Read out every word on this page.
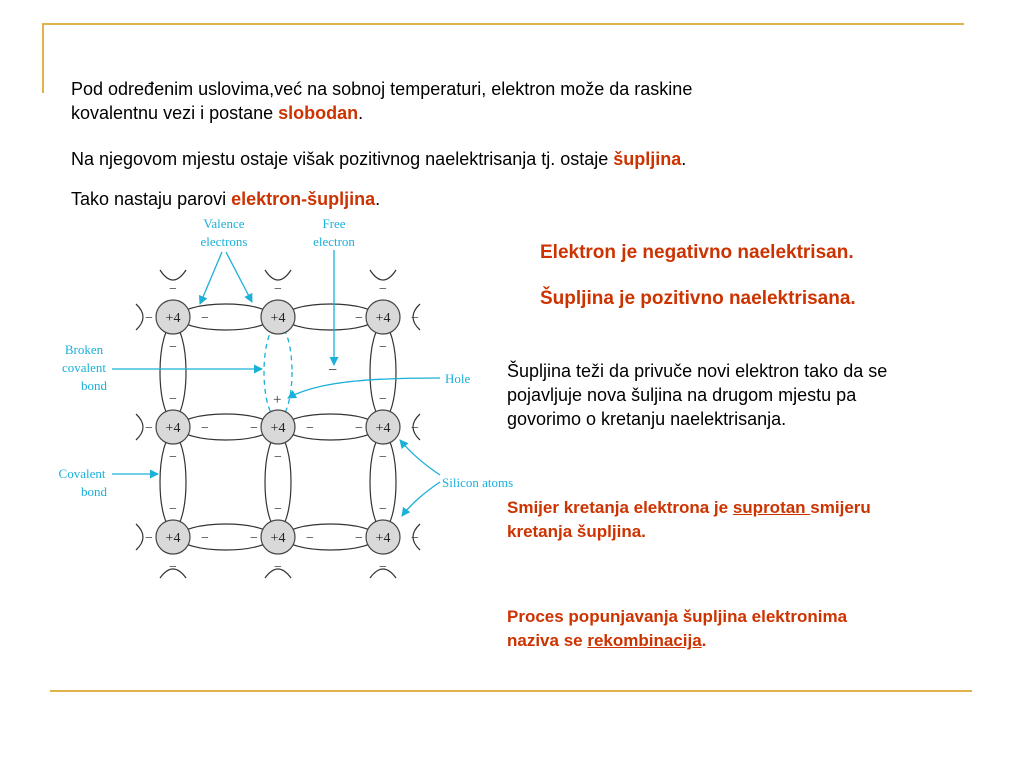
Pod određenim uslovima,već na sobnoj temperaturi, elektron može da raskine
kovalentnu vezi i postane slobodan.

Na njegovom mjestu ostaje višak pozitivnog naelektrisanja tj. ostaje šupljina.

Tako nastaju parovi elektron-šupljina.

+4	+4	+4
+4	+4	+4
+4	+4	+4
−	−
−
−
−
−	−
−
−
−	−
−
−
−	−
−
−	−
−
−
−	−
−
−
−	−
−
−
−	−
−
−
−
+
Valence
electrons
Free
electron
Broken
covalent
bond
Covalent
bond
Hole
Silicon atoms
Elektron je negativno naelektrisan.
Šupljina je pozitivno naelektrisana.
Šupljina teži da privuče novi elektron tako da se
pojavljuje nova šuljina na drugom mjestu pa
govorimo o kretanju naelektrisanja.
Smijer kretanja elektrona je suprotan smijeru
kretanja šupljina.
Proces popunjavanja šupljina elektronima
naziva se rekombinacija.
